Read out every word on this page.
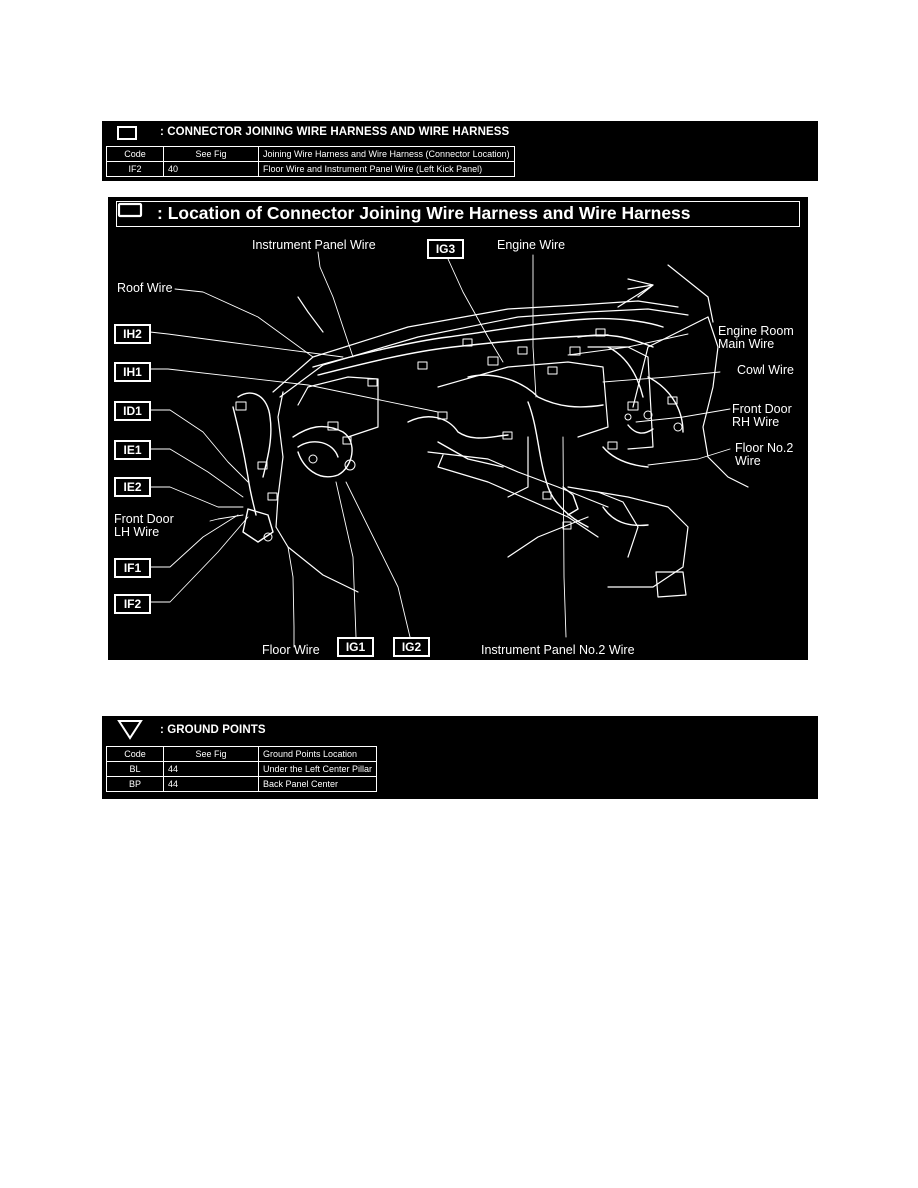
: CONNECTOR JOINING WIRE HARNESS AND WIRE HARNESS
Code	See Fig	Joining Wire Harness and Wire Harness (Connector Location)
IF2	40	Floor Wire and Instrument Panel Wire (Left Kick Panel)
: Location of Connector Joining Wire Harness and Wire Harness
Instrument Panel Wire	Engine Wire
Roof Wire
Engine Room
Main Wire
Cowl Wire
Front Door
RH Wire
Floor No.2
Wire
Front Door
LH Wire
Floor Wire	Instrument Panel No.2 Wire
IG3
IH2
IH1
ID1
IE1
IE2
IF1
IF2
IG1	IG2
: GROUND POINTS
Code	See Fig	Ground Points Location
BL	44	Under the Left Center Pillar
BP	44	Back Panel Center
